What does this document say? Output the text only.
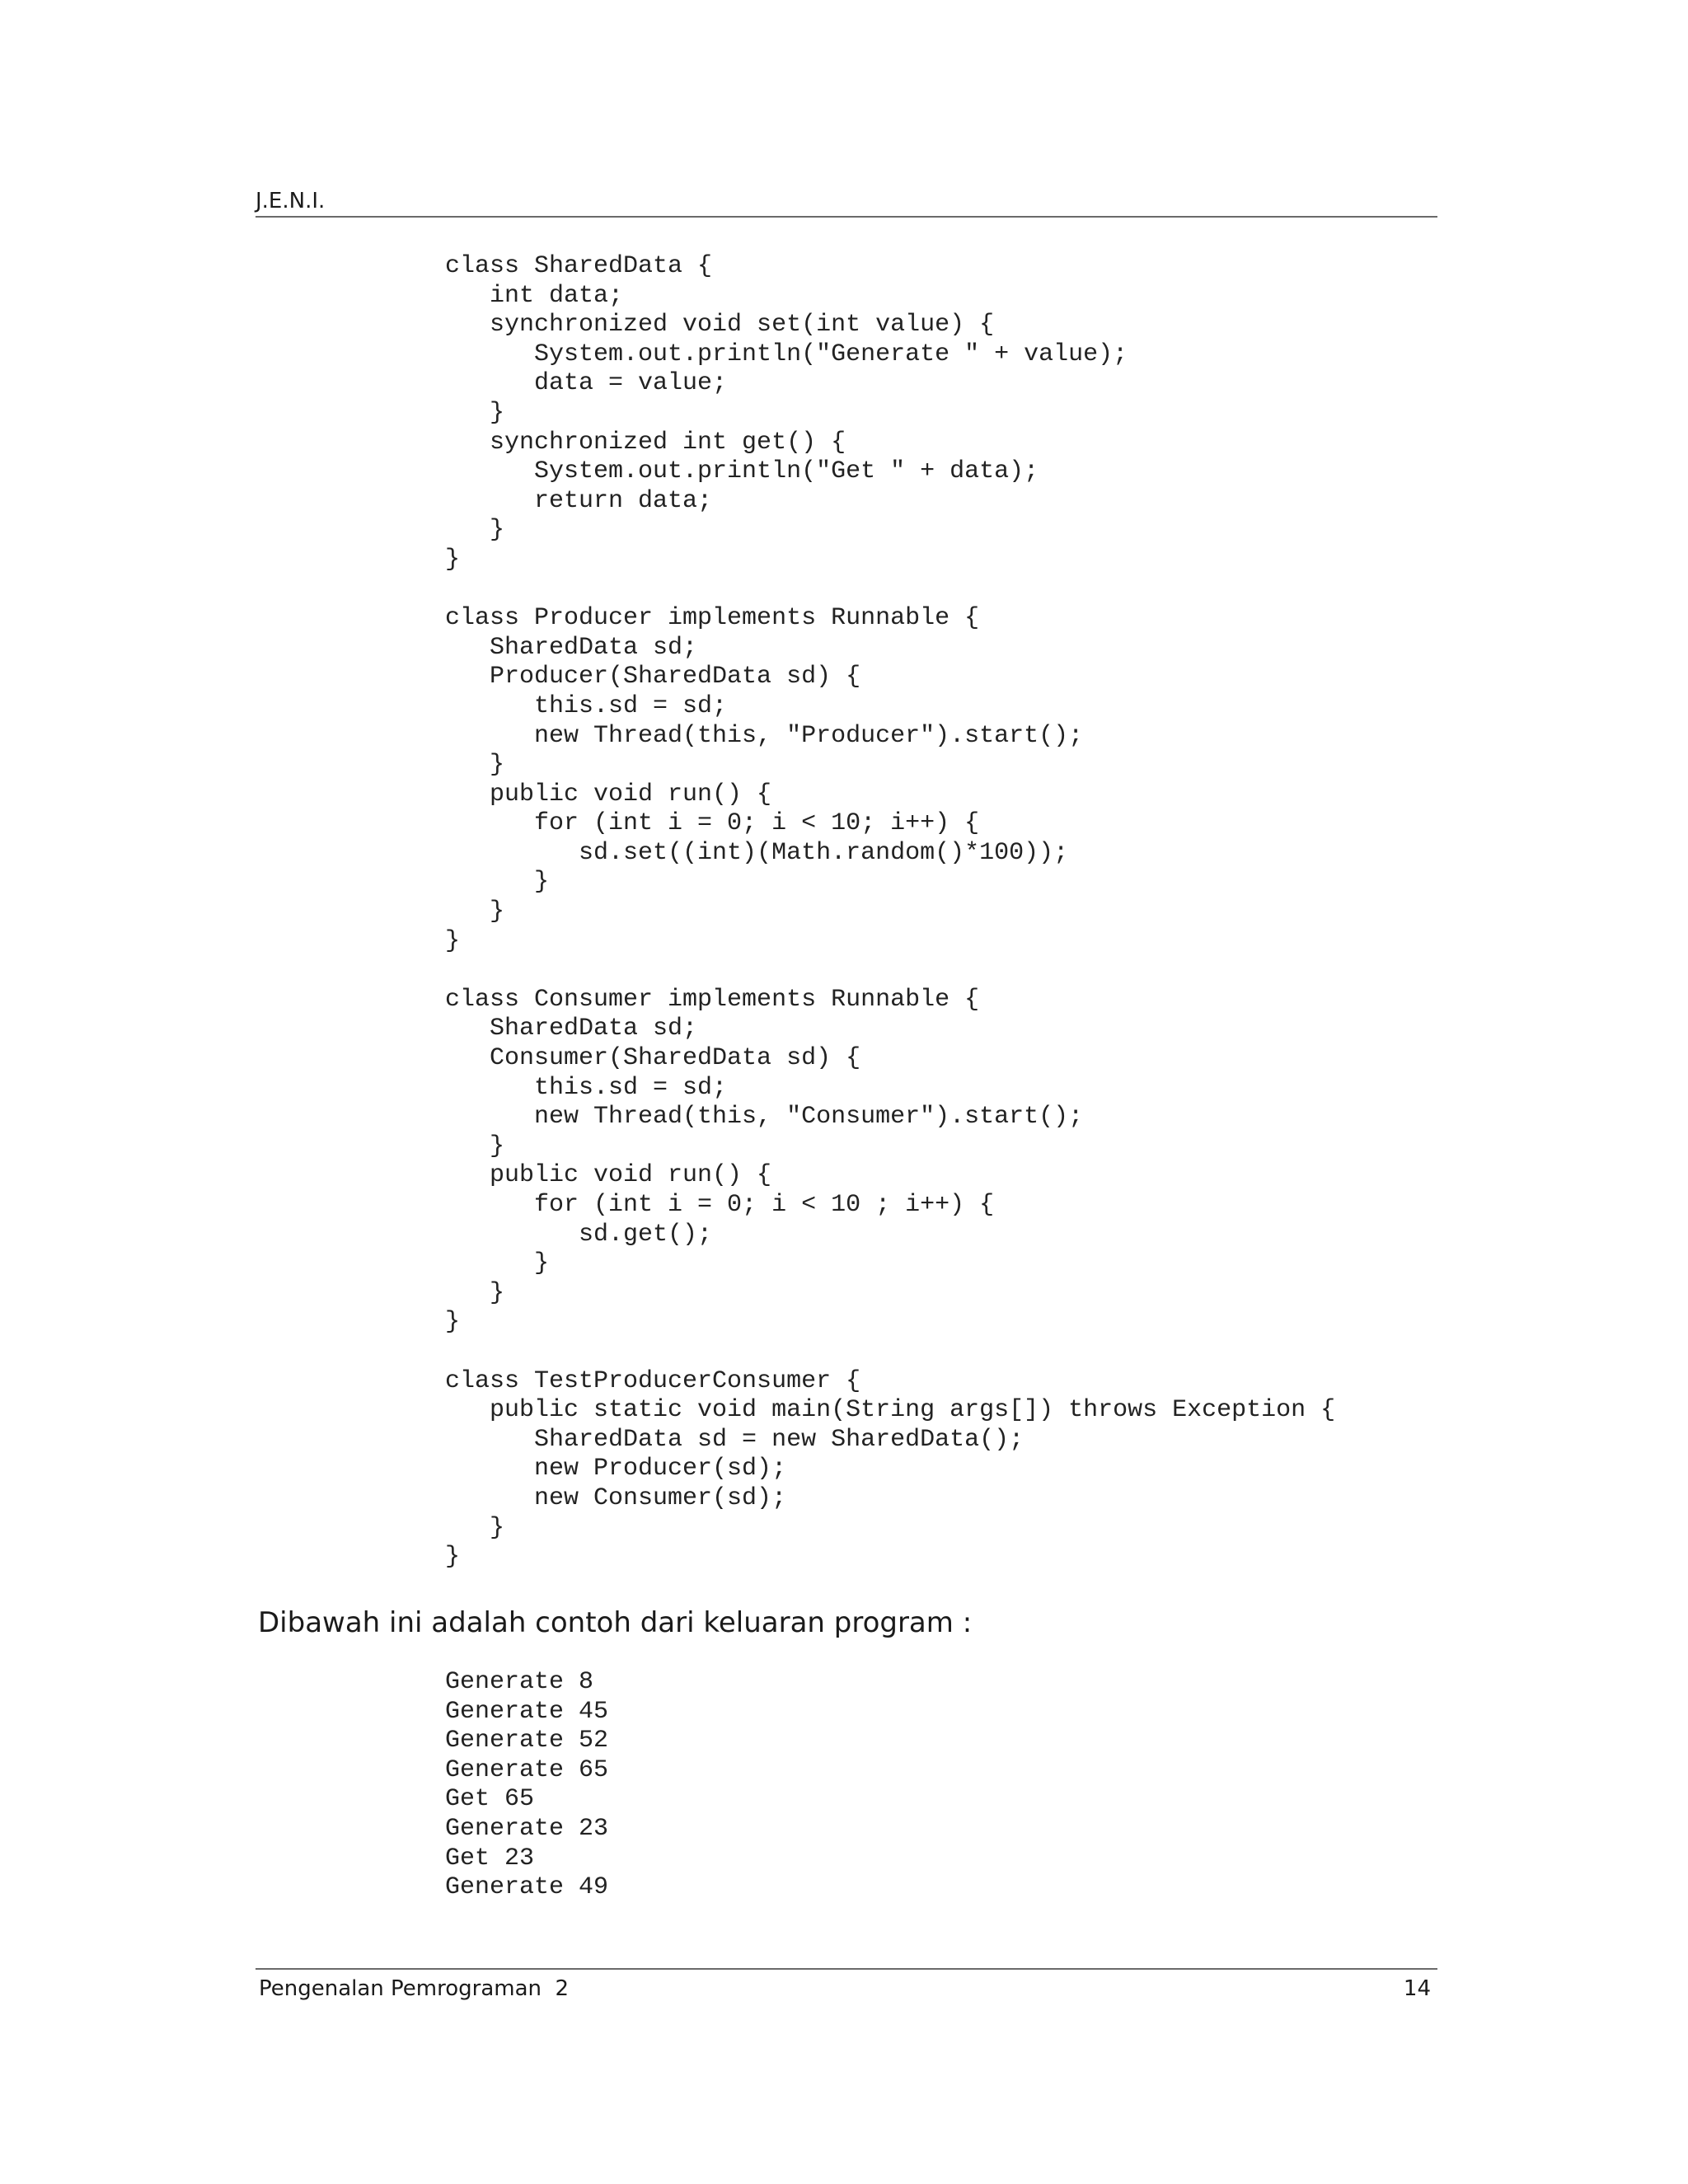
J.E.N.I.
class SharedData {
int data;
synchronized void set(int value) {
System.out.println("Generate " + value);
data = value;
}
synchronized int get() {
System.out.println("Get " + data);
return data;
}
}
class Producer implements Runnable {
SharedData sd;
Producer(SharedData sd) {
this.sd = sd;
new Thread(this, "Producer").start();
}
public void run() {
for (int i = 0; i < 10; i++) {
sd.set((int)(Math.random()*100));
}
}
}
class Consumer implements Runnable {
SharedData sd;
Consumer(SharedData sd) {
this.sd = sd;
new Thread(this, "Consumer").start();
}
public void run() {
for (int i = 0; i < 10 ; i++) {
sd.get();
}
}
}
class TestProducerConsumer {
public static void main(String args[]) throws Exception {
SharedData sd = new SharedData();
new Producer(sd);
new Consumer(sd);
}
}

Dibawah ini adalah contoh dari keluaran program :

Generate 8
Generate 45
Generate 52
Generate 65
Get 65
Generate 23
Get 23
Generate 49
Pengenalan Pemrograman  2	14
